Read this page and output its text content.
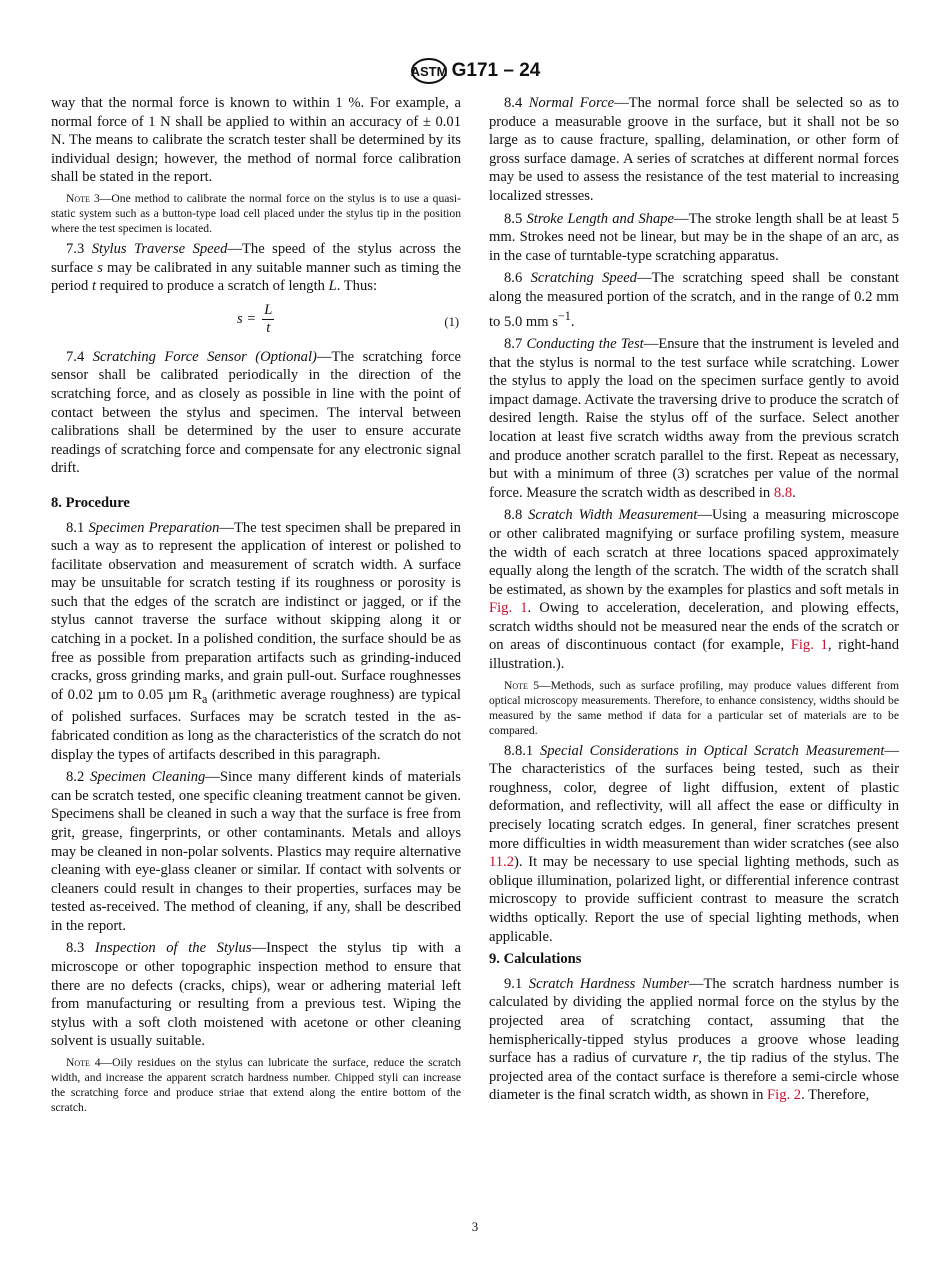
ASTM G171 – 24

way that the normal force is known to within 1 %. For example, a normal force of 1 N shall be applied to within an accuracy of ± 0.01 N. The means to calibrate the scratch tester shall be determined by its individual design; however, the method of normal force calibration shall be stated in the report.

Note 3—One method to calibrate the normal force on the stylus is to use a quasi-static system such as a button-type load cell placed under the stylus tip in the position where the test specimen is located.

7.3 Stylus Traverse Speed—The speed of the stylus across the surface s may be calibrated in any suitable manner such as timing the period t required to produce a scratch of length L. Thus:

$s = \frac{L}{t}$	(1)

7.4 Scratching Force Sensor (Optional)—The scratching force sensor shall be calibrated periodically in the direction of the scratching force, and as closely as possible in line with the point of contact between the stylus and specimen. The interval between calibrations shall be determined by the user to ensure accurate readings of scratching force and compensate for any electronic signal drift.

8. Procedure

8.1 Specimen Preparation—The test specimen shall be prepared in such a way as to represent the application of interest or polished to facilitate observation and measurement of scratch width. A surface may be unsuitable for scratch testing if its roughness or porosity is such that the edges of the scratch are indistinct or jagged, or if the stylus cannot traverse the surface without skipping along it or catching in a pocket. In a polished condition, the surface should be as free as possible from preparation artifacts such as grinding-induced cracks, gross grinding marks, and grain pull-out. Surface roughnesses of 0.02 µm to 0.05 µm $R_a$ (arithmetic average roughness) are typical of polished surfaces. Surfaces may be scratch tested in the as-fabricated condition as long as the characteristics of the scratch do not display the types of artifacts described in this paragraph.

8.2 Specimen Cleaning—Since many different kinds of materials can be scratch tested, one specific cleaning treatment cannot be given. Specimens shall be cleaned in such a way that the surface is free from grit, grease, fingerprints, or other contaminants. Metals and alloys may be cleaned in non-polar solvents. Plastics may require alternative cleaning with eye-glass cleaner or similar. If contact with solvents or cleaners could result in changes to their properties, surfaces may be tested as-received. The method of cleaning, if any, shall be described in the report.

8.3 Inspection of the Stylus—Inspect the stylus tip with a microscope or other topographic inspection method to ensure that there are no defects (cracks, chips), wear or adhering material left from manufacturing or resulting from a previous test. Wiping the stylus with a soft cloth moistened with acetone or other cleaning solvent is usually suitable.

Note 4—Oily residues on the stylus can lubricate the surface, reduce the scratch width, and increase the apparent scratch hardness number. Chipped styli can increase the scratching force and produce striae that extend along the entire bottom of the scratch.

8.4 Normal Force—The normal force shall be selected so as to produce a measurable groove in the surface, but it shall not be so large as to cause fracture, spalling, delamination, or other form of gross surface damage. A series of scratches at different normal forces may be used to assess the resistance of the test material to increasing localized stresses.

8.5 Stroke Length and Shape—The stroke length shall be at least 5 mm. Strokes need not be linear, but may be in the shape of an arc, as in the case of turntable-type scratching apparatus.

8.6 Scratching Speed—The scratching speed shall be constant along the measured portion of the scratch, and in the range of 0.2 mm to 5.0 mm $s^{-1}$.

8.7 Conducting the Test—Ensure that the instrument is leveled and that the stylus is normal to the test surface while scratching. Lower the stylus to apply the load on the specimen surface gently to avoid impact damage. Activate the traversing drive to produce the scratch of desired length. Raise the stylus off of the surface. Select another location at least five scratch widths away from the previous scratch and produce another scratch parallel to the first. Repeat as necessary, but with a minimum of three (3) scratches per value of the normal force. Measure the scratch width as described in 8.8.

8.8 Scratch Width Measurement—Using a measuring microscope or other calibrated magnifying or surface profiling system, measure the width of each scratch at three locations spaced approximately equally along the length of the scratch. The width of the scratch shall be estimated, as shown by the examples for plastics and soft metals in Fig. 1. Owing to acceleration, deceleration, and plowing effects, scratch widths should not be measured near the ends of the scratch or on areas of discontinuous contact (for example, Fig. 1, right-hand illustration.).

Note 5—Methods, such as surface profiling, may produce values different from optical microscopy measurements. Therefore, to enhance consistency, widths should be measured by the same method if data for a particular set of materials are to be compared.

8.8.1 Special Considerations in Optical Scratch Measurement—The characteristics of the surfaces being tested, such as their roughness, color, degree of light diffusion, extent of plastic deformation, and reflectivity, will all affect the ease or difficulty in precisely locating scratch edges. In general, finer scratches present more difficulties in width measurement than wider scratches (see also 11.2). It may be necessary to use special lighting methods, such as oblique illumination, polarized light, or differential inference contrast microscopy to provide sufficient contrast to measure the scratch widths optically. Report the use of special lighting methods, when applicable.

9. Calculations

9.1 Scratch Hardness Number—The scratch hardness number is calculated by dividing the applied normal force on the stylus by the projected area of scratching contact, assuming that the hemispherically-tipped stylus produces a groove whose leading surface has a radius of curvature r, the tip radius of the stylus. The projected area of the contact surface is therefore a semi-circle whose diameter is the final scratch width, as shown in Fig. 2. Therefore,

3
